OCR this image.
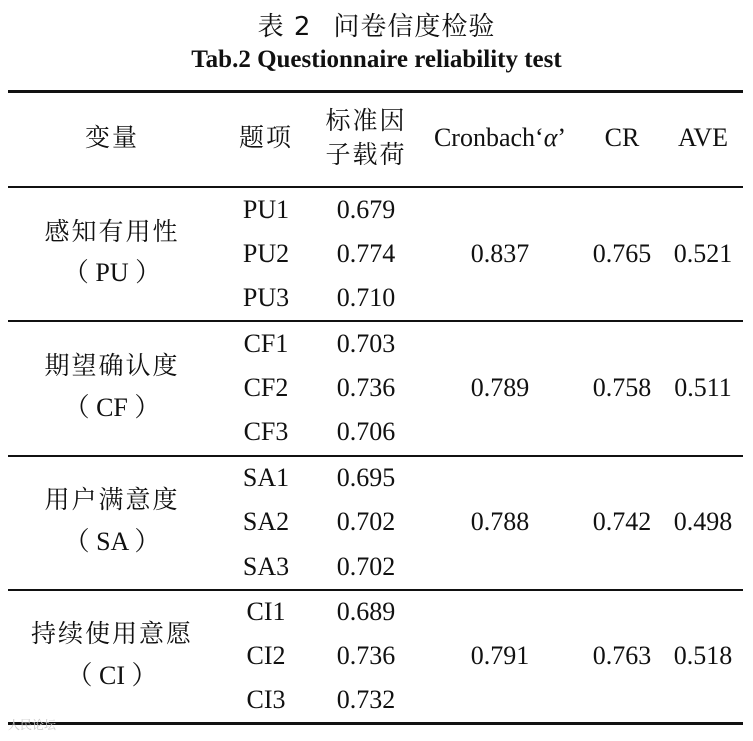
表 2 问卷信度检验
Tab.2 Questionnaire reliability test
变量	题项
标准因
子载荷
Cronbach‘α’ CR AVE
感知有用性
（ PU ）
PU1 0.679
PU2 0.774
PU3 0.710
0.837 0.765 0.521
期望确认度
（ CF ）
CF1 0.703
CF2 0.736
CF3 0.706
0.789 0.758 0.511
用户满意度
（ SA ）
SA1 0.695
SA2 0.702
SA3 0.702
0.788 0.742 0.498
持续使用意愿
（ CI ）
CI1 0.689
CI2 0.736
CI3 0.732
0.791 0.763 0.518
人民论坛
